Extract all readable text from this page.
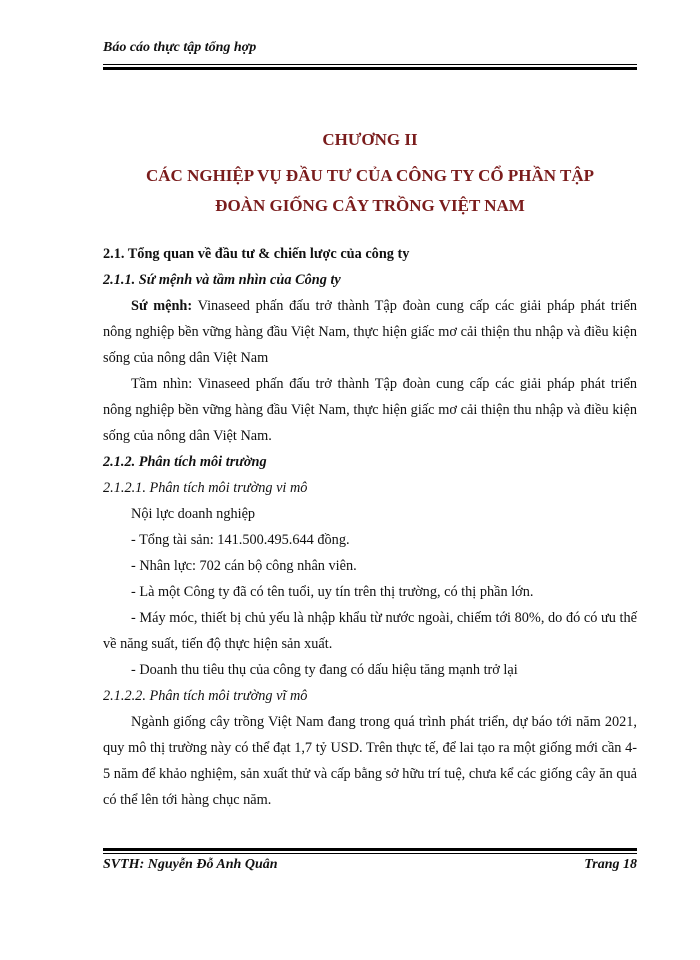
Báo cáo thực tập tổng hợp
CHƯƠNG II
CÁC NGHIỆP VỤ ĐẦU TƯ CỦA CÔNG TY CỔ PHẦN TẬP
ĐOÀN GIỐNG CÂY TRỒNG VIỆT NAM

2.1. Tổng quan về đầu tư & chiến lược của công ty

2.1.1. Sứ mệnh và tầm nhìn của Công ty

Sứ mệnh: Vinaseed phấn đấu trở thành Tập đoàn cung cấp các giải pháp phát triển nông nghiệp bền vững hàng đầu Việt Nam, thực hiện giấc mơ cải thiện thu nhập và điều kiện sống của nông dân Việt Nam

Tầm nhìn: Vinaseed phấn đấu trở thành Tập đoàn cung cấp các giải pháp phát triển nông nghiệp bền vững hàng đầu Việt Nam, thực hiện giấc mơ cải thiện thu nhập và điều kiện sống của nông dân Việt Nam.

2.1.2. Phân tích môi trường

2.1.2.1. Phân tích môi trường vi mô

Nội lực doanh nghiệp

- Tổng tài sản: 141.500.495.644 đồng.

- Nhân lực: 702 cán bộ công nhân viên.

- Là một Công ty đã có tên tuổi, uy tín trên thị trường, có thị phần lớn.

- Máy móc, thiết bị chủ yếu là nhập khẩu từ nước ngoài, chiếm tới 80%, do đó có ưu thế về năng suất, tiến độ thực hiện sản xuất.

- Doanh thu tiêu thụ của công ty đang có dấu hiệu tăng mạnh trở lại

2.1.2.2. Phân tích môi trường vĩ mô

Ngành giống cây trồng Việt Nam đang trong quá trình phát triển, dự báo tới năm 2021, quy mô thị trường này có thể đạt 1,7 tỷ USD. Trên thực tế, để lai tạo ra một giống mới cần 4-5 năm để khảo nghiệm, sản xuất thử và cấp bằng sở hữu trí tuệ, chưa kể các giống cây ăn quả có thể lên tới hàng chục năm.

SVTH: Nguyễn Đỗ Anh Quân	Trang 18
